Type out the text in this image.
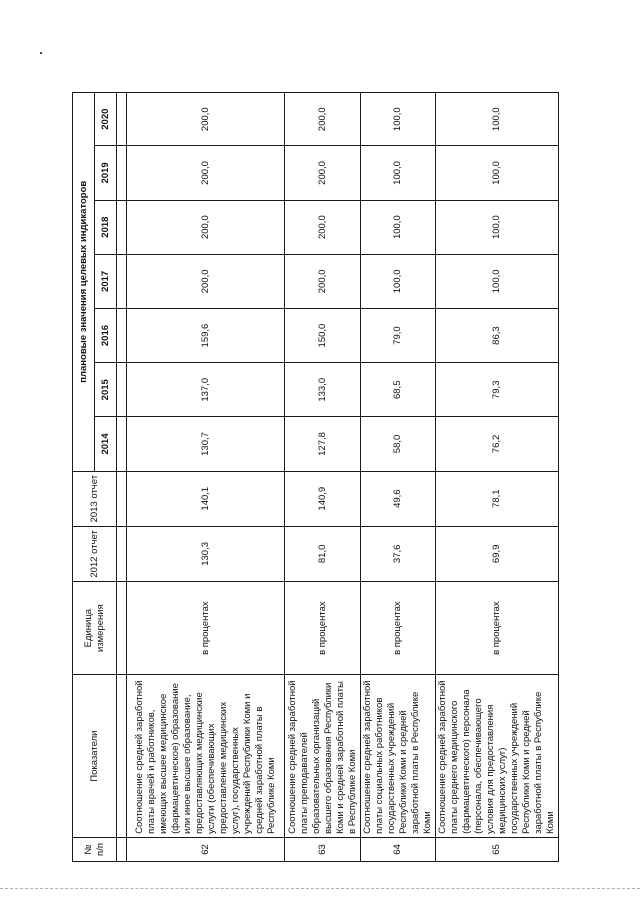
№ п/п	Показатели	Единица измерения	2012 отчет	2013 отчет	плановые значения целевых индикаторов						
					2014	2015	2016	2017	2018	2019	2020

62	Соотношение средней заработной платы врачей и работников, имеющих высшее медицинское (фармацевтическое) образование или иное высшее образование, предоставляющих медицинские услуги (обеспечивающих предоставление медицинских услуг), государственных учреждений Республики Коми и средней заработной платы в Республике Коми	в процентах	130,3	140,1	130,7	137,0	159,6	200,0	200,0	200,0	200,0
63	Соотношение средней заработной платы преподавателей образовательных организаций высшего образования Республики Коми и средней заработной платы в Республике Коми	в процентах	81,0	140,9	127,8	133,0	150,0	200,0	200,0	200,0	200,0
64	Соотношение средней заработной платы социальных работников государственных учреждений Республики Коми и средней заработной платы в Республике Коми	в процентах	37,6	49,6	58,0	68,5	79,0	100,0	100,0	100,0	100,0
65	Соотношение средней заработной платы среднего медицинского (фармацевтического) персонала (персонала, обеспечивающего условия для предоставления медицинских услуг) государственных учреждений Республики Коми и средней заработной платы в Республике Коми	в процентах	69,9	78,1	76,2	79,3	86,3	100,0	100,0	100,0	100,0
